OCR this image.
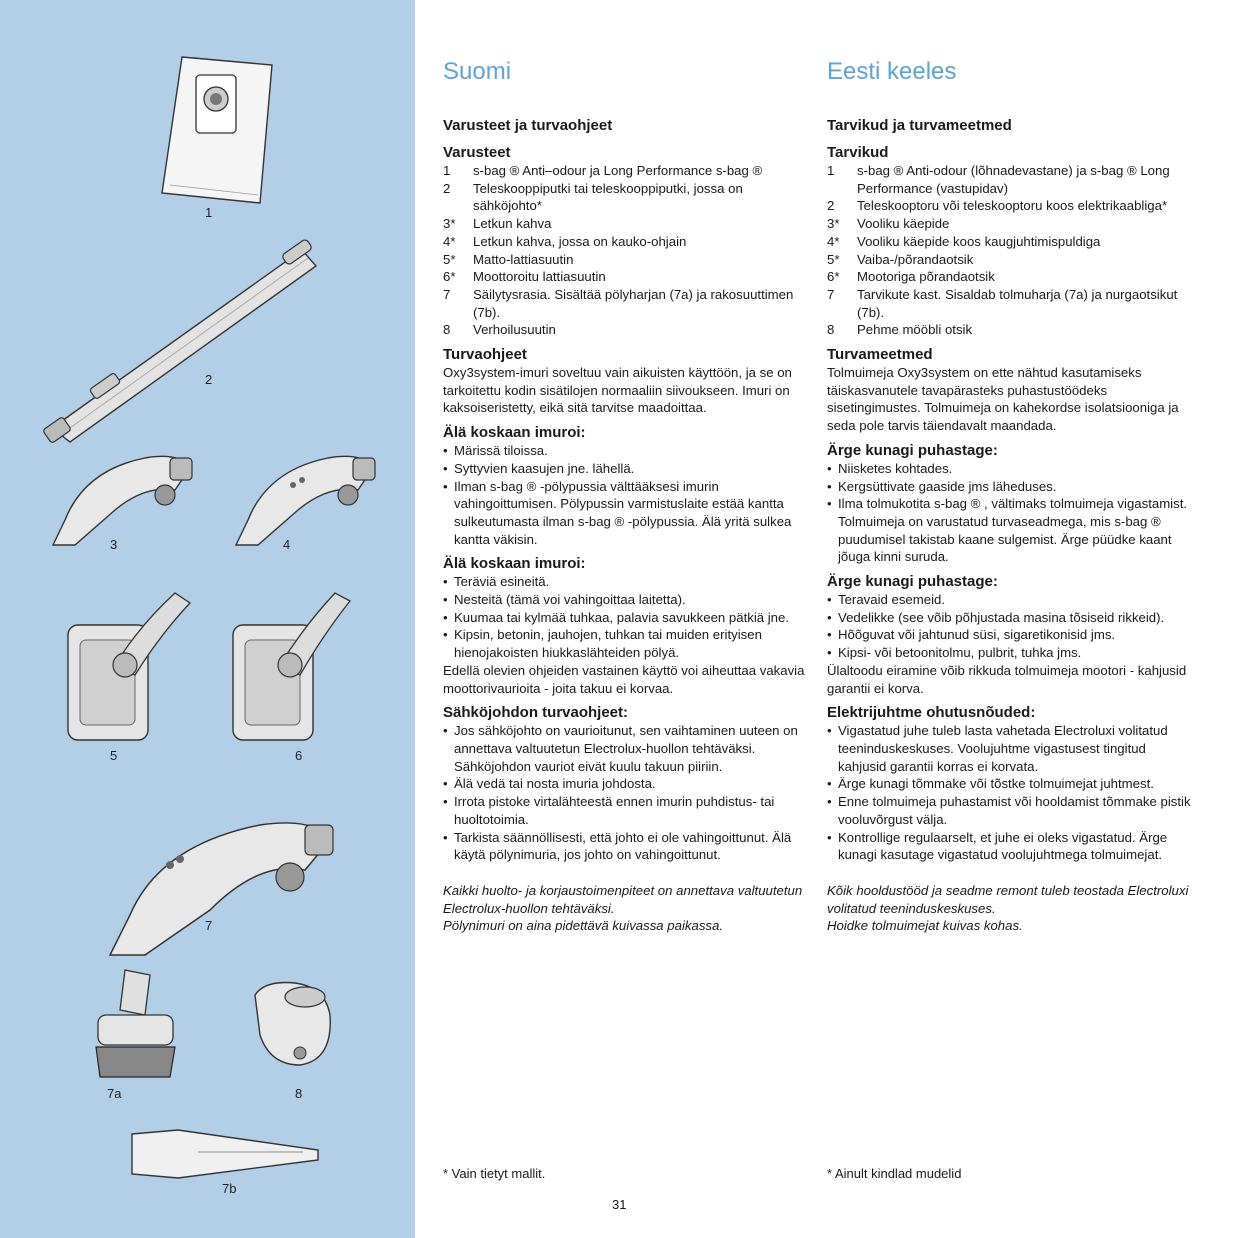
1
2
3	4
5	6
7
7a	8
7b
Suomi
Varusteet ja turvaohjeet
Varusteet
1 s-bag ® Anti–odour ja Long Performance s-bag ®
2 Teleskooppiputki tai teleskooppiputki, jossa on sähköjohto*
3* Letkun kahva
4* Letkun kahva, jossa on kauko-ohjain
5* Matto-lattiasuutin
6* Moottoroitu lattiasuutin
7 Säilytysrasia. Sisältää pölyharjan (7a) ja rakosuuttimen (7b).
8 Verhoilusuutin
Turvaohjeet

Oxy3system-imuri soveltuu vain aikuisten käyttöön, ja se on tarkoitettu kodin sisätilojen normaaliin siivoukseen. Imuri on kaksoiseristetty, eikä sitä tarvitse maadoittaa.

Älä koskaan imuroi:
• Märissä tiloissa.
• Syttyvien kaasujen jne. lähellä.
• Ilman s-bag ® -pölypussia välttääksesi imurin vahingoittumisen. Pölypussin varmistuslaite estää kantta sulkeutumasta ilman s-bag ® -pölypussia. Älä yritä sulkea kantta väkisin.
Älä koskaan imuroi:
• Teräviä esineitä.
• Nesteitä (tämä voi vahingoittaa laitetta).
• Kuumaa tai kylmää tuhkaa, palavia savukkeen pätkiä jne.
• Kipsin, betonin, jauhojen, tuhkan tai muiden erityisen hienojakoisten hiukkaslähteiden pölyä.

Edellä olevien ohjeiden vastainen käyttö voi aiheuttaa vakavia moottorivaurioita - joita takuu ei korvaa.

Sähköjohdon turvaohjeet:
• Jos sähköjohto on vaurioitunut, sen vaihtaminen uuteen on annettava valtuutetun Electrolux-huollon tehtäväksi. Sähköjohdon vauriot eivät kuulu takuun piiriin.
• Älä vedä tai nosta imuria johdosta.
• Irrota pistoke virtalähteestä ennen imurin puhdistus- tai huoltotoimia.
• Tarkista säännöllisesti, että johto ei ole vahingoittunut. Älä käytä pölynimuria, jos johto on vahingoittunut.

Kaikki huolto- ja korjaustoimenpiteet on annettava valtuutetun Electrolux-huollon tehtäväksi.
Pölynimuri on aina pidettävä kuivassa paikassa.

Eesti keeles
Tarvikud ja turvameetmed
Tarvikud
1 s-bag ® Anti-odour (lõhnadevastane) ja s-bag ® Long Performance (vastupidav)
2 Teleskooptoru või teleskooptoru koos elektrikaabliga*
3* Vooliku käepide
4* Vooliku käepide koos kaugjuhtimispuldiga
5* Vaiba-/põrandaotsik
6* Mootoriga põrandaotsik
7 Tarvikute kast. Sisaldab tolmuharja (7a) ja nurgaotsikut (7b).
8 Pehme mööbli otsik
Turvameetmed

Tolmuimeja Oxy3system on ette nähtud kasutamiseks täiskasvanutele tavapärasteks puhastustöödeks sisetingimustes. Tolmuimeja on kahekordse isolatsiooniga ja seda pole tarvis täiendavalt maandada.

Ärge kunagi puhastage:
• Niisketes kohtades.
• Kergsüttivate gaaside jms läheduses.
• Ilma tolmukotita s-bag ® , vältimaks tolmuimeja vigastamist. Tolmuimeja on varustatud turvaseadmega, mis s-bag ® puudumisel takistab kaane sulgemist. Ärge püüdke kaant jõuga kinni suruda.
Ärge kunagi puhastage:
• Teravaid esemeid.
• Vedelikke (see võib põhjustada masina tõsiseid rikkeid).
• Hõõguvat või jahtunud süsi, sigaretikonisid jms.
• Kipsi- või betoonitolmu, pulbrit, tuhka jms.

Ülaltoodu eiramine võib rikkuda tolmuimeja mootori - kahjusid garantii ei korva.

Elektrijuhtme ohutusnõuded:
• Vigastatud juhe tuleb lasta vahetada Electroluxi volitatud teeninduskeskuses. Voolujuhtme vigastusest tingitud kahjusid garantii korras ei korvata.
• Ärge kunagi tõmmake või tõstke tolmuimejat juhtmest.
• Enne tolmuimeja puhastamist või hooldamist tõmmake pistik vooluvõrgust välja.
• Kontrollige regulaarselt, et juhe ei oleks vigastatud. Ärge kunagi kasutage vigastatud voolujuhtmega tolmuimejat.

Kõik hooldustööd ja seadme remont tuleb teostada Electroluxi volitatud teeninduskeskuses.
Hoidke tolmuimejat kuivas kohas.

* Vain tietyt mallit.	* Ainult kindlad mudelid
31
